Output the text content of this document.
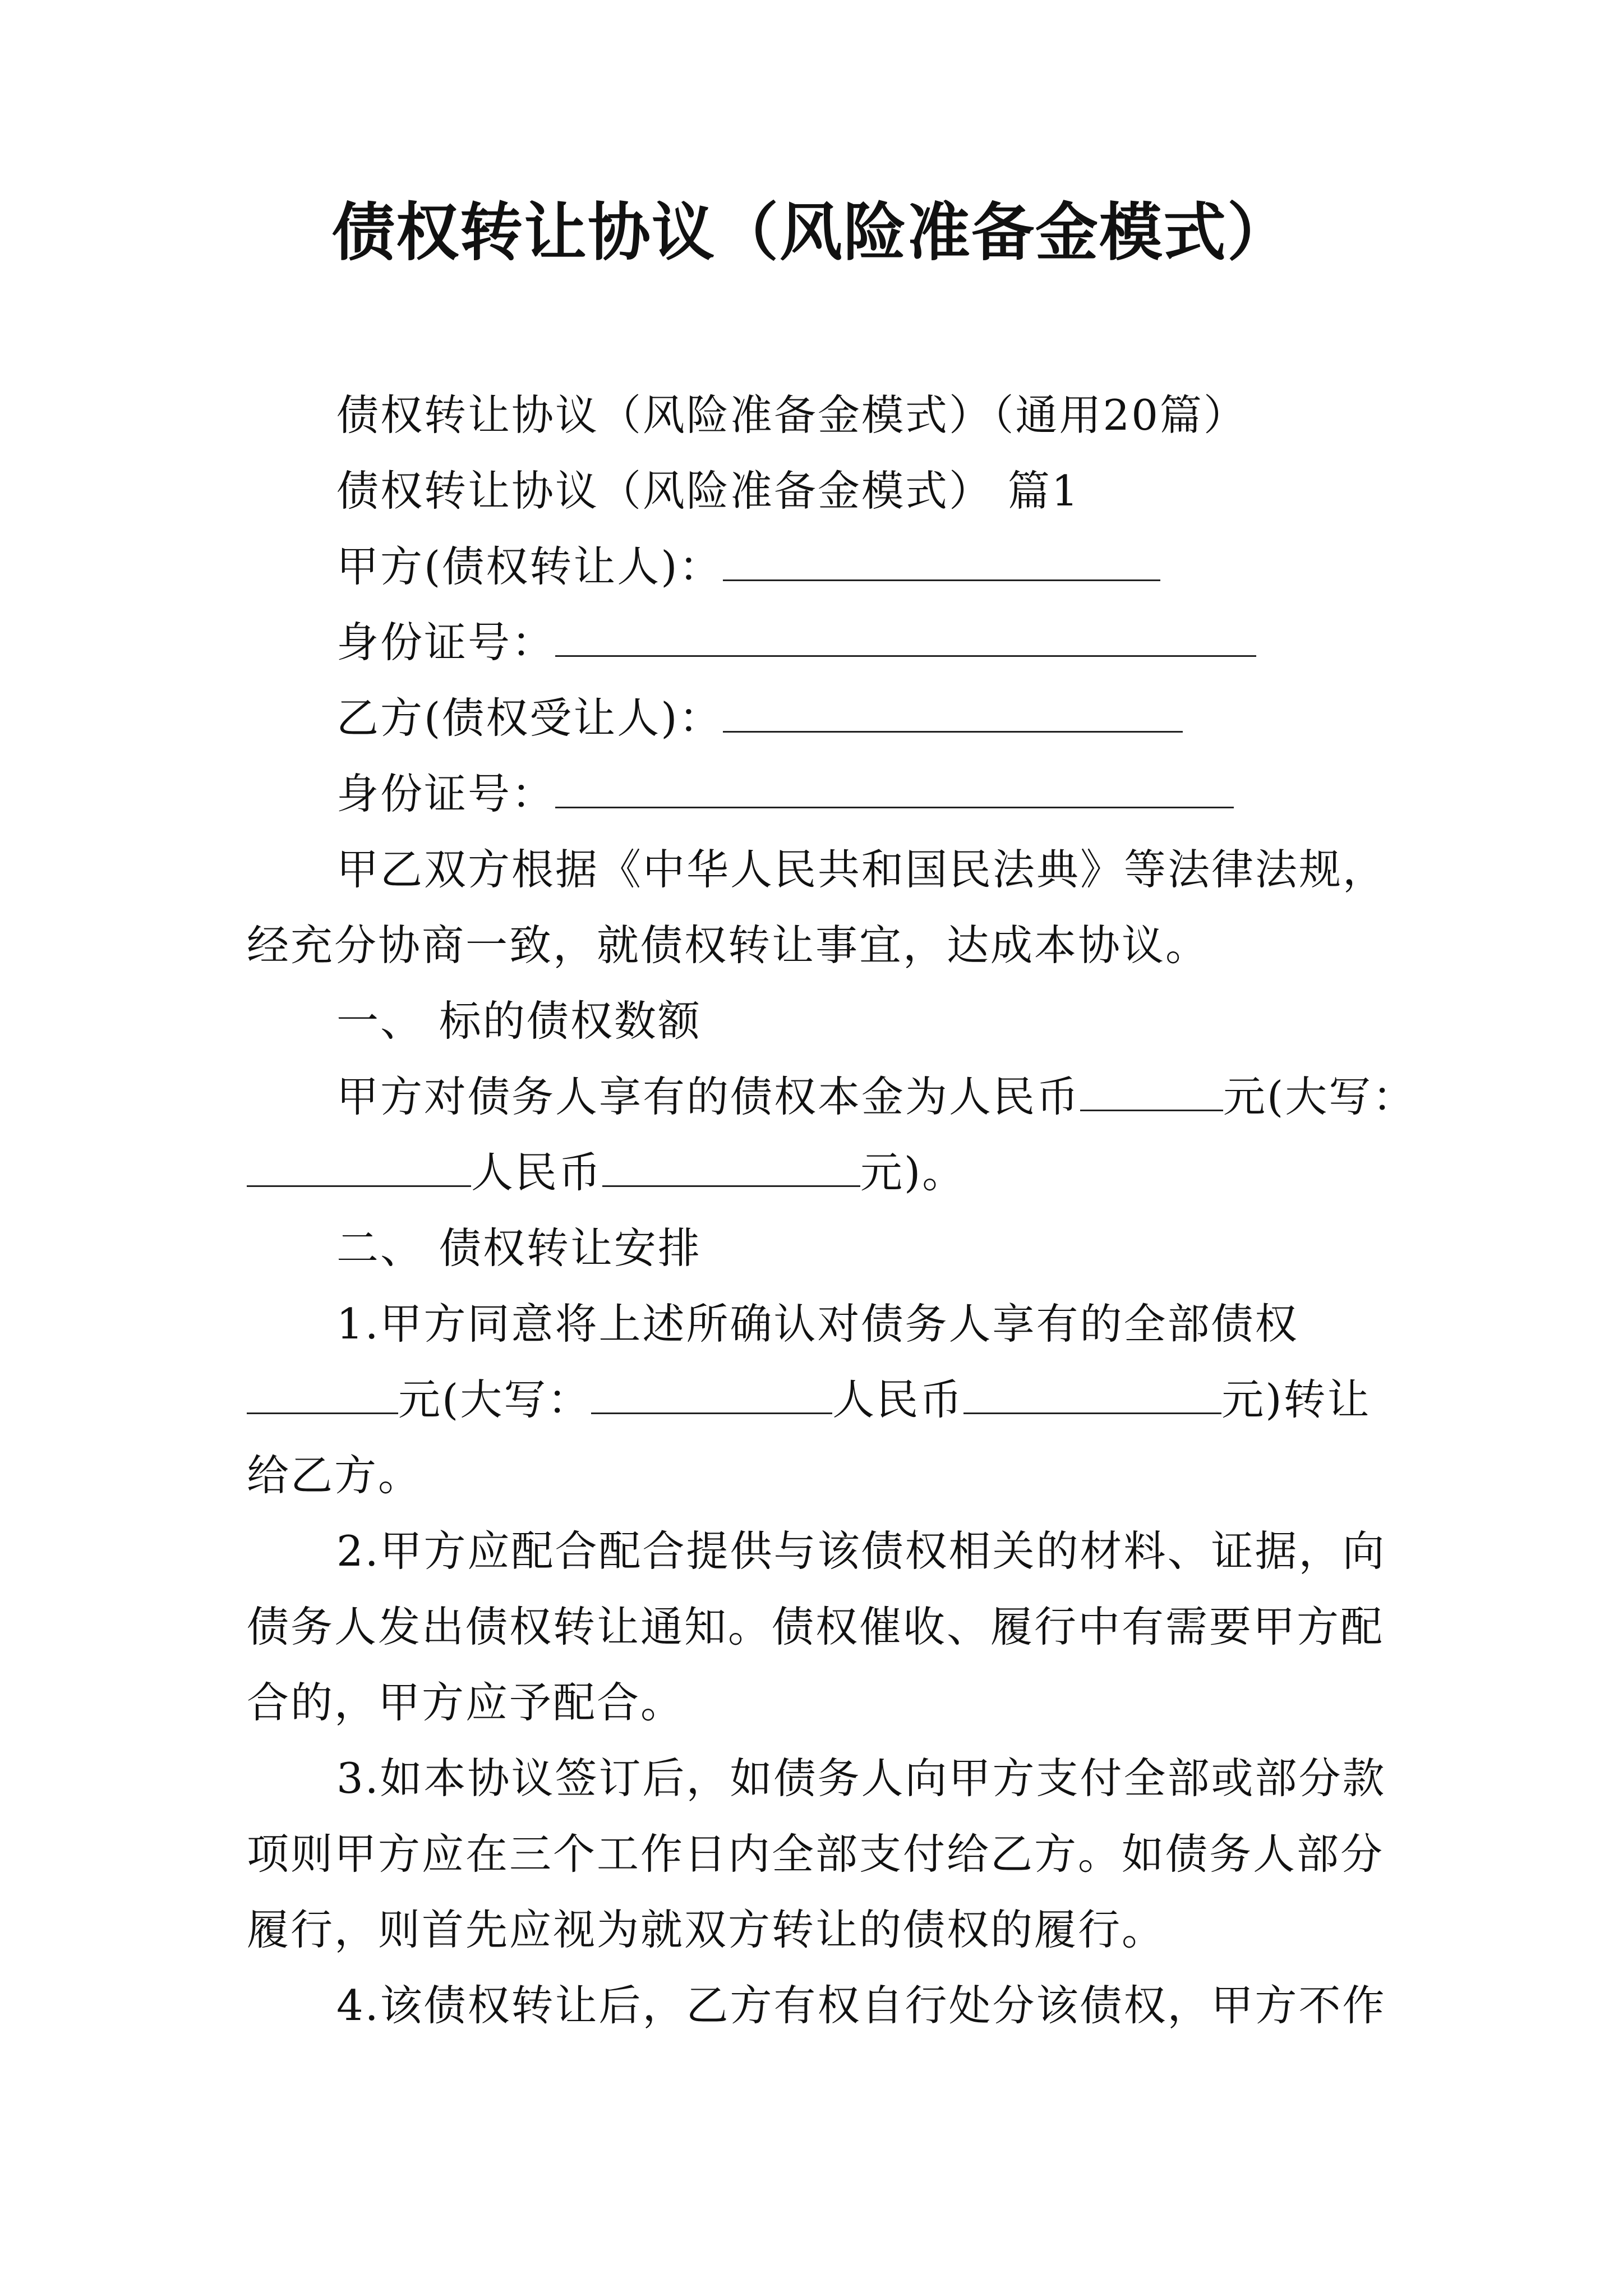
债权转让协议（风险准备金模式）
债权转让协议（风险准备金模式）（通用20篇）
债权转让协议（风险准备金模式） 篇1
甲方(债权转让人)：
身份证号：
乙方(债权受让人)：
身份证号：
甲乙双方根据《中华人民共和国民法典》等法律法规，
经充分协商一致，就债权转让事宜，达成本协议。
一、 标的债权数额
甲方对债务人享有的债权本金为人民币	元(大写：
人民币	元)。
二、 债权转让安排
1.甲方同意将上述所确认对债务人享有的全部债权
元(大写：	人民币	元)转让
给乙方。
2.甲方应配合配合提供与该债权相关的材料、证据，向
债务人发出债权转让通知。债权催收、履行中有需要甲方配
合的，甲方应予配合。
3.如本协议签订后，如债务人向甲方支付全部或部分款
项则甲方应在三个工作日内全部支付给乙方。如债务人部分
履行，则首先应视为就双方转让的债权的履行。
4.该债权转让后，乙方有权自行处分该债权，甲方不作
